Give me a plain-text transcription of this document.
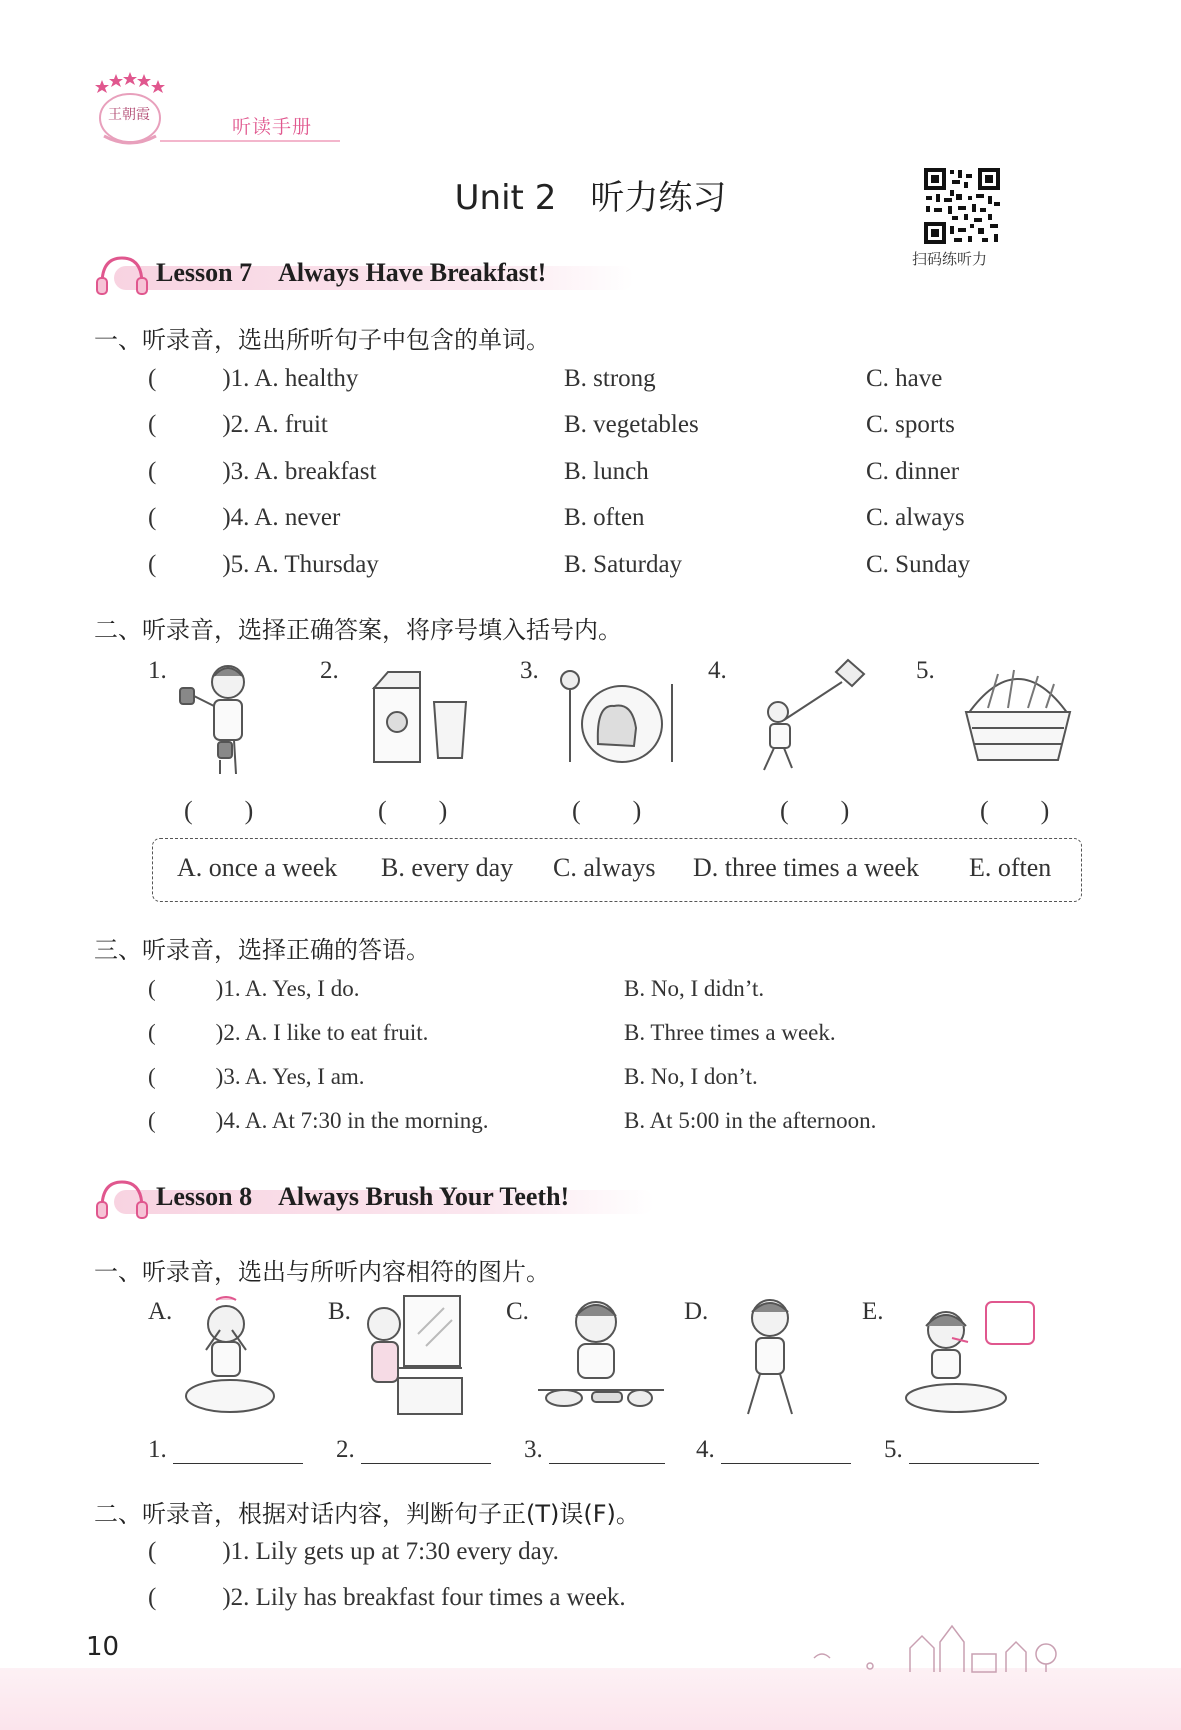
王朝霞
听读手册
Unit 2　听力练习
扫码练听力
Lesson 7 Always Have Breakfast!
一、听录音，选出所听句子中包含的单词。
(	)1. A. healthy	B. strong	C. have
(	)2. A. fruit	B. vegetables	C. sports
(	)3. A. breakfast	B. lunch	C. dinner
(	)4. A. never	B. often	C. always
(	)5. A. Thursday	B. Saturday	C. Sunday
二、听录音，选择正确答案，将序号填入括号内。
1.	2.	3.	4.	5.
(　　)	(　　)	(　　)	(　　)	(　　)
A. once a week B. every day C. always D. three times a week E. often
三、听录音，选择正确的答语。
(	)1. A. Yes, I do.	B. No, I didn’t.
(	)2. A. I like to eat fruit.	B. Three times a week.
(	)3. A. Yes, I am.	B. No, I don’t.
(	)4. A. At 7:30 in the morning.	B. At 5:00 in the afternoon.
Lesson 8 Always Brush Your Teeth!
一、听录音，选出与所听内容相符的图片。
A.	B.	C.	D.	E.
1.	2.	3.	4.	5.
二、听录音，根据对话内容，判断句子正(T)误(F)。
(	)1. Lily gets up at 7:30 every day.
(	)2. Lily has breakfast four times a week.
10
